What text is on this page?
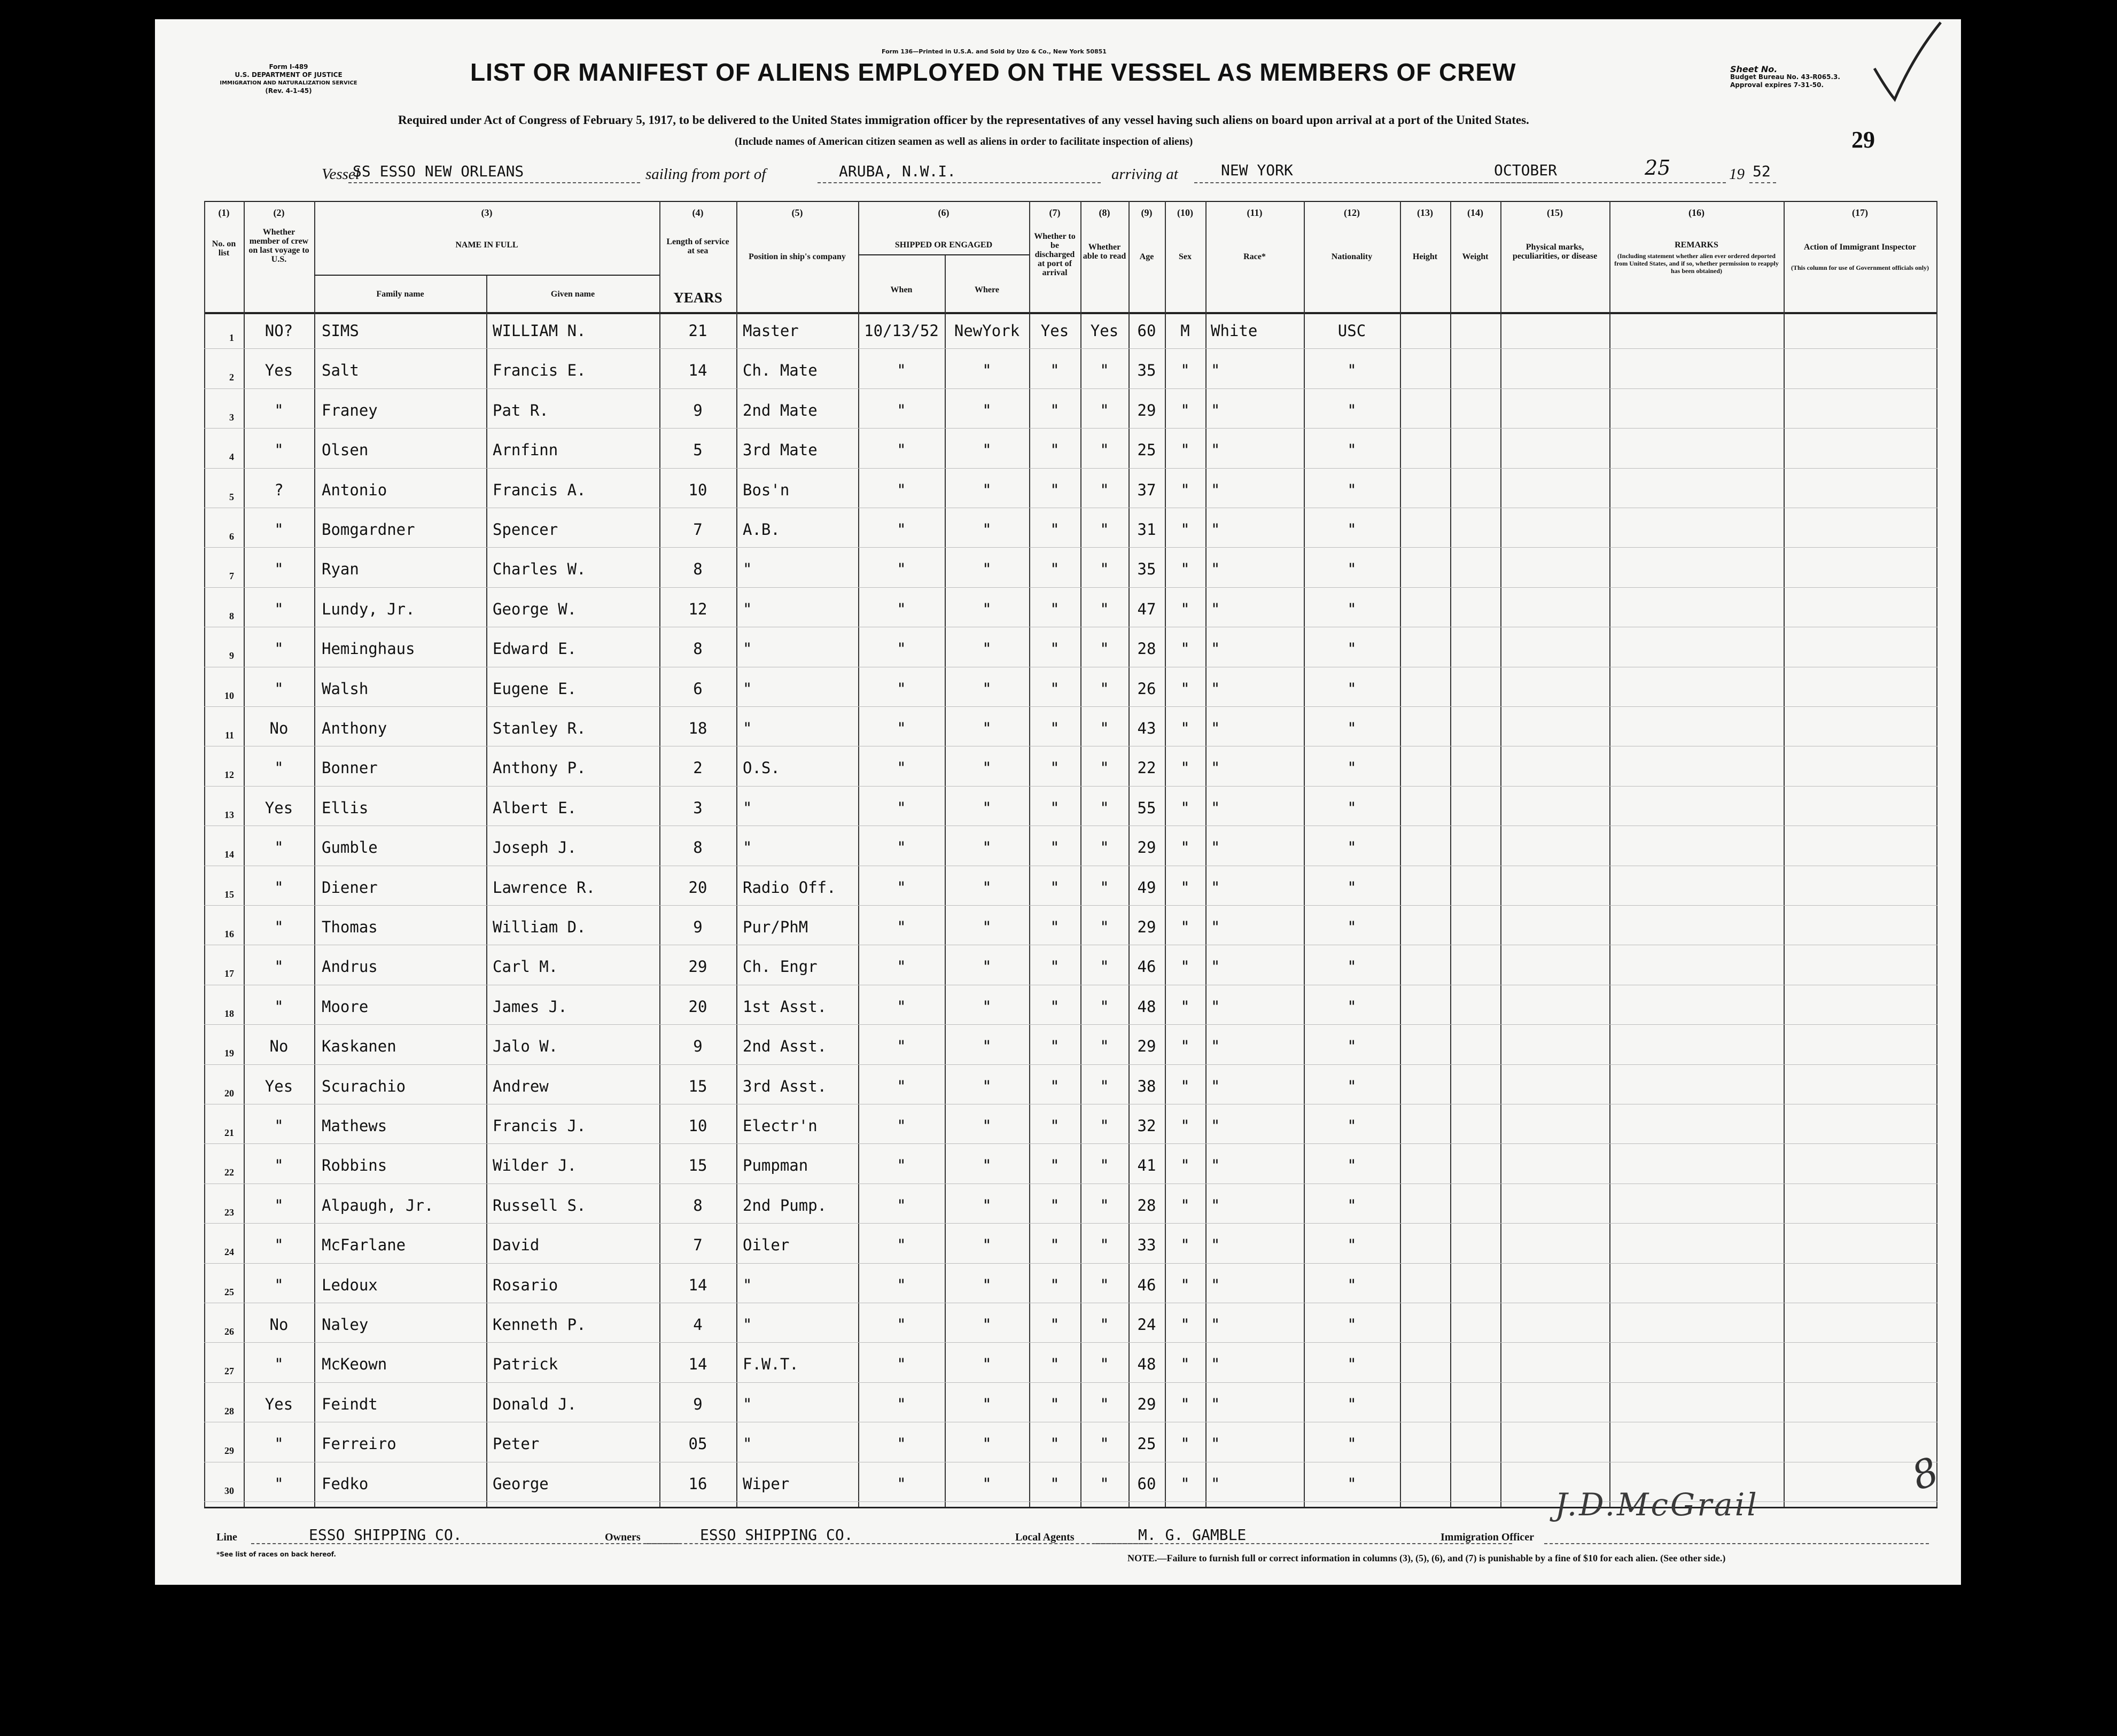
Form I-489
U.S. DEPARTMENT OF JUSTICE
IMMIGRATION AND NATURALIZATION SERVICE
(Rev. 4-1-45)
Form 136—Printed in U.S.A. and Sold by Uzo & Co., New York 50851
LIST OR MANIFEST OF ALIENS EMPLOYED ON THE VESSEL AS MEMBERS OF CREW	Sheet No.
Budget Bureau No. 43-R065.3.
Approval expires 7-31-50.
Required under Act of Congress of February 5, 1917, to be delivered to the United States immigration officer by the representatives of any vessel having such aliens on board upon arrival at a port of the United States.
(Include names of American citizen seamen as well as aliens in order to facilitate inspection of aliens)	29
Vessel
SS ESSO NEW ORLEANS	sailing from port of	ARUBA, N.W.I.	arriving at	NEW YORK	OCTOBER	25	19 52
(1)	(2)	(3)	(4)	(5)	(6)	(7)	(8)	(9)	(10)	(11)	(12)	(13)	(14)	(15)	(16)	(17)
No. on list
Whether member of crew on last voyage to U.S.
NAME IN FULL
Family name	Given name
Length of service at sea
YEARS
Position in ship's company
SHIPPED OR ENGAGED
When	Where
Whether to be discharged at port of arrival
Whether able to read	Age	Sex	Race*	Nationality	Height	Weight
Physical marks, peculiarities, or disease
REMARKS
(Including statement whether alien ever ordered deported from United States, and if so, whether permission to reapply has been obtained)
Action of Immigrant Inspector
(This column for use of Government officials only)
1	NO?	SIMS	WILLIAM N.	21	Master	10/13/52	NewYork	Yes	Yes	60	M	White	USC
2	Yes	Salt	Francis E.	14	Ch. Mate	"	"	"	"	35	"	"	"
3	"	Franey	Pat R.	9	2nd Mate	"	"	"	"	29	"	"	"
4	"	Olsen	Arnfinn	5	3rd Mate	"	"	"	"	25	"	"	"
5	?	Antonio	Francis A.	10	Bos'n	"	"	"	"	37	"	"	"
6	"	Bomgardner	Spencer	7	A.B.	"	"	"	"	31	"	"	"
7	"	Ryan	Charles W.	8	"	"	"	"	"	35	"	"	"
8	"	Lundy, Jr.	George W.	12	"	"	"	"	"	47	"	"	"
9	"	Heminghaus	Edward E.	8	"	"	"	"	"	28	"	"	"
10	"	Walsh	Eugene E.	6	"	"	"	"	"	26	"	"	"
11	No	Anthony	Stanley R.	18	"	"	"	"	"	43	"	"	"
12	"	Bonner	Anthony P.	2	O.S.	"	"	"	"	22	"	"	"
13	Yes	Ellis	Albert E.	3	"	"	"	"	"	55	"	"	"
14	"	Gumble	Joseph J.	8	"	"	"	"	"	29	"	"	"
15	"	Diener	Lawrence R.	20	Radio Off.	"	"	"	"	49	"	"	"
16	"	Thomas	William D.	9	Pur/PhM	"	"	"	"	29	"	"	"
17	"	Andrus	Carl M.	29	Ch. Engr	"	"	"	"	46	"	"	"
18	"	Moore	James J.	20	1st Asst.	"	"	"	"	48	"	"	"
19	No	Kaskanen	Jalo W.	9	2nd Asst.	"	"	"	"	29	"	"	"
20	Yes	Scurachio	Andrew	15	3rd Asst.	"	"	"	"	38	"	"	"
21	"	Mathews	Francis J.	10	Electr'n	"	"	"	"	32	"	"	"
22	"	Robbins	Wilder J.	15	Pumpman	"	"	"	"	41	"	"	"
23	"	Alpaugh, Jr.	Russell S.	8	2nd Pump.	"	"	"	"	28	"	"	"
24	"	McFarlane	David	7	Oiler	"	"	"	"	33	"	"	"
25	"	Ledoux	Rosario	14	"	"	"	"	"	46	"	"	"
26	No	Naley	Kenneth P.	4	"	"	"	"	"	24	"	"	"
27	"	McKeown	Patrick	14	F.W.T.	"	"	"	"	48	"	"	"
28	Yes	Feindt	Donald J.	9	"	"	"	"	"	29	"	"	"
29	"	Ferreiro	Peter	05	"	"	"	"	"	25	"	"	"
30	"	Fedko	George	16	Wiper	"	"	"	"	60	"	"	"
Line	ESSO SHIPPING CO.	Owners	ESSO SHIPPING CO.	Local Agents	M. G. GAMBLE	Immigration Officer
J.D.McGrail
*See list of races on back hereof.	NOTE.—Failure to furnish full or correct information in columns (3), (5), (6), and (7) is punishable by a fine of $10 for each alien. (See other side.)
8
